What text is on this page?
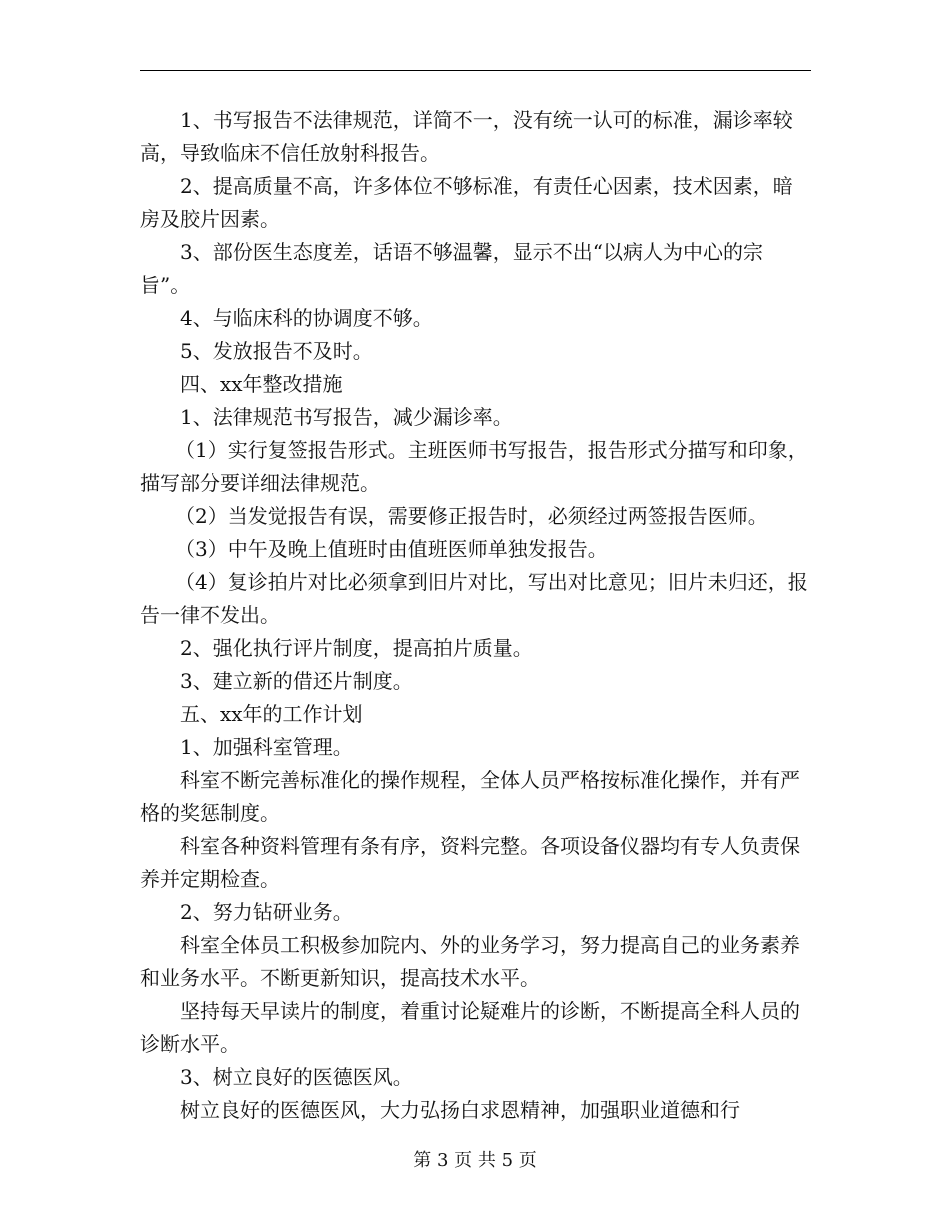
1、书写报告不法律规范，详简不一，没有统一认可的标准，漏诊率较高，导致临床不信任放射科报告。

2、提高质量不高，许多体位不够标准，有责任心因素，技术因素，暗房及胶片因素。

3、部份医生态度差，话语不够温馨，显示不出“以病人为中心的宗旨”。

4、与临床科的协调度不够。

5、发放报告不及时。

四、xx年整改措施

1、法律规范书写报告，减少漏诊率。

（1）实行复签报告形式。主班医师书写报告，报告形式分描写和印象，描写部分要详细法律规范。

（2）当发觉报告有误，需要修正报告时，必须经过两签报告医师。

（3）中午及晚上值班时由值班医师单独发报告。

（4）复诊拍片对比必须拿到旧片对比，写出对比意见；旧片未归还，报告一律不发出。

2、强化执行评片制度，提高拍片质量。

3、建立新的借还片制度。

五、xx年的工作计划

1、加强科室管理。

科室不断完善标准化的操作规程，全体人员严格按标准化操作，并有严格的奖惩制度。

科室各种资料管理有条有序，资料完整。各项设备仪器均有专人负责保养并定期检查。

2、努力钻研业务。

科室全体员工积极参加院内、外的业务学习，努力提高自己的业务素养和业务水平。不断更新知识，提高技术水平。

坚持每天早读片的制度，着重讨论疑难片的诊断，不断提高全科人员的诊断水平。

3、树立良好的医德医风。

树立良好的医德医风，大力弘扬白求恩精神，加强职业道德和行

第 3 页 共 5 页
